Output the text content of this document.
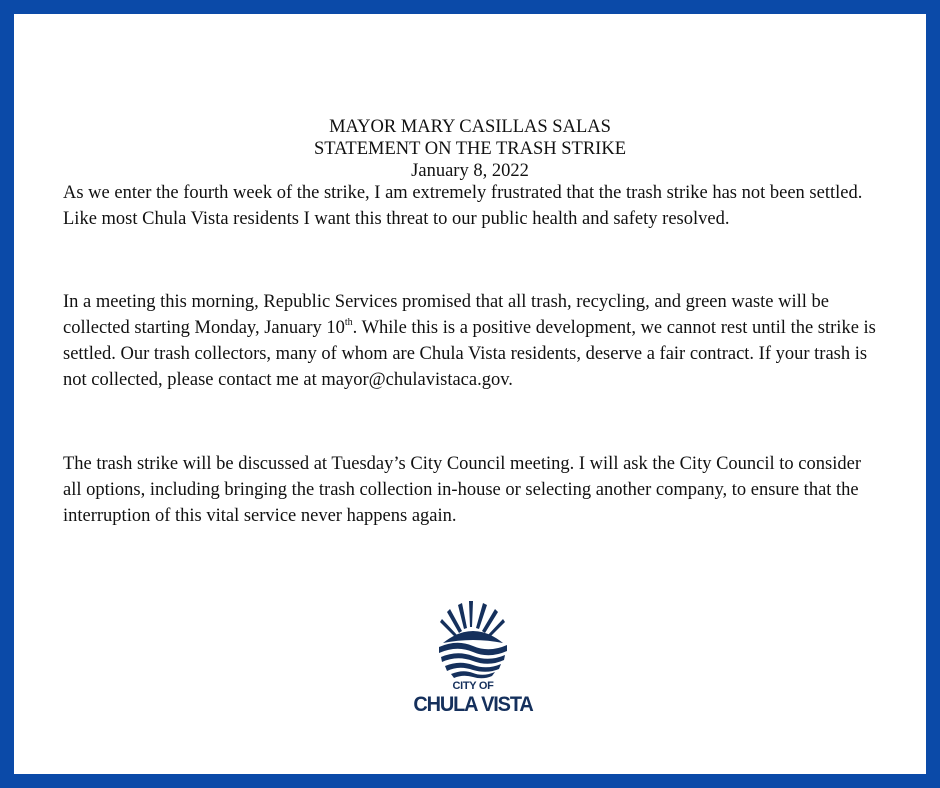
MAYOR MARY CASILLAS SALAS
STATEMENT ON THE TRASH STRIKE
January 8, 2022

As we enter the fourth week of the strike, I am extremely frustrated that the trash strike has not been settled. Like most Chula Vista residents I want this threat to our public health and safety resolved.

In a meeting this morning, Republic Services promised that all trash, recycling, and green waste will be collected starting Monday, January 10th. While this is a positive development, we cannot rest until the strike is settled. Our trash collectors, many of whom are Chula Vista residents, deserve a fair contract. If your trash is not collected, please contact me at mayor@chulavistaca.gov.

The trash strike will be discussed at Tuesday’s City Council meeting. I will ask the City Council to consider all options, including bringing the trash collection in-house or selecting another company, to ensure that the interruption of this vital service never happens again.

CITY OF
CHULA VISTA
